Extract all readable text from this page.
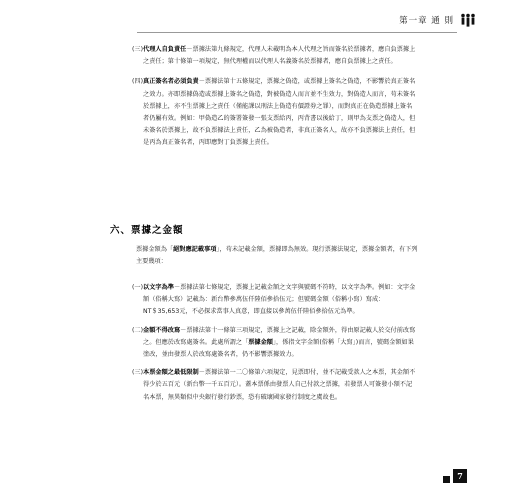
第一章 通 則
(三) 代理人自負責任－票據法第九條規定，代理人未載明為本人代理之旨而簽名於票據者，應自負票據上之責任；第十條第一項規定，無代理權而以代理人名義簽名於票據者，應自負票據上之責任。
(四) 真正簽名者必須負責－票據法第十五條規定，票據之偽造，或票據上簽名之偽造，不影響於真正簽名之效力。亦即票據偽造或票據上簽名之偽造，對被偽造人而言並不生效力，對偽造人而言，苟未簽名於票據上，亦不生票據上之責任（僅能課以刑法上偽造有價證券之罪），而對真正在偽造票據上簽名者仍屬有效。例如：甲偽造乙的簽署簽發一張支票給丙，丙背書以後給丁，則甲為支票之偽造人，但未簽名於票據上，故不負票據法上責任，乙為被偽造者，非真正簽名人，故亦不負票據法上責任，但是丙為真正簽名者，丙即應對丁負票據上責任。
六、票據之金額
票據金額為「絕對應記載事項」，苟未記載金額，票據即為無效。現行票據法規定，票據金額者，有下列主要幾項：
(一) 以文字為準－票據法第七條規定，票據上記載金額之文字與號碼不符時，以文字為準。例如：文字金額（俗稱大寫）記載為：新台幣參萬伍仟陸佰參拾伍元；但號碼金額（俗稱小寫）寫成：NT＄35,653元，不必探求當事人真意，即直接以參萬伍仟陸佰參拾伍元為準。
(二) 金額不得改寫－票據法第十一條第三項規定，票據上之記載，除金額外，得由原記載人於交付前改寫之。但應於改寫處簽名。此處所謂之「票據金額」，係指文字金額(俗稱「大寫」)而言，號碼金額如果塗改，並由發票人於改寫處簽名者，仍不影響票據效力。
(三) 本票金額之最低限制－票據法第一二〇條第六項規定，見票即付，並不記載受款人之本票，其金額不得少於五百元（新台幣一千五百元）。蓋本票係由發票人自己付款之票據，若發票人可簽發小額不記名本票，無異類似中央銀行發行鈔票，恐有破壞國家發行制度之虞故也。
7
